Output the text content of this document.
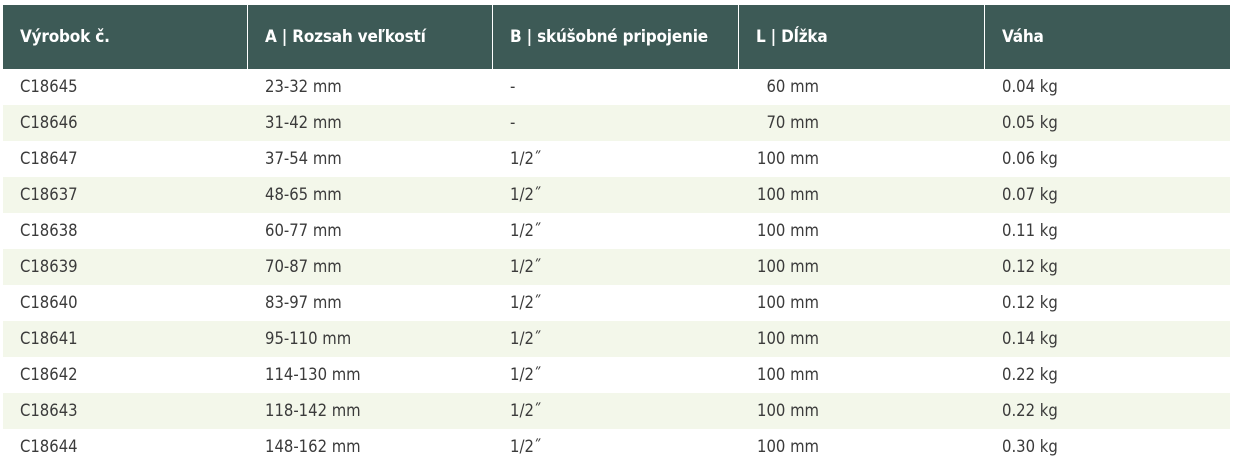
Výrobok č.	A | Rozsah veľkostí	B | skúšobné pripojenie	L | Dĺžka	Váha
C18645	23-32 mm	-	60 mm	0.04 kg
C18646	31-42 mm	-	70 mm	0.05 kg
C18647	37-54 mm	1/2˝	100 mm	0.06 kg
C18637	48-65 mm	1/2˝	100 mm	0.07 kg
C18638	60-77 mm	1/2˝	100 mm	0.11 kg
C18639	70-87 mm	1/2˝	100 mm	0.12 kg
C18640	83-97 mm	1/2˝	100 mm	0.12 kg
C18641	95-110 mm	1/2˝	100 mm	0.14 kg
C18642	114-130 mm	1/2˝	100 mm	0.22 kg
C18643	118-142 mm	1/2˝	100 mm	0.22 kg
C18644	148-162 mm	1/2˝	100 mm	0.30 kg
